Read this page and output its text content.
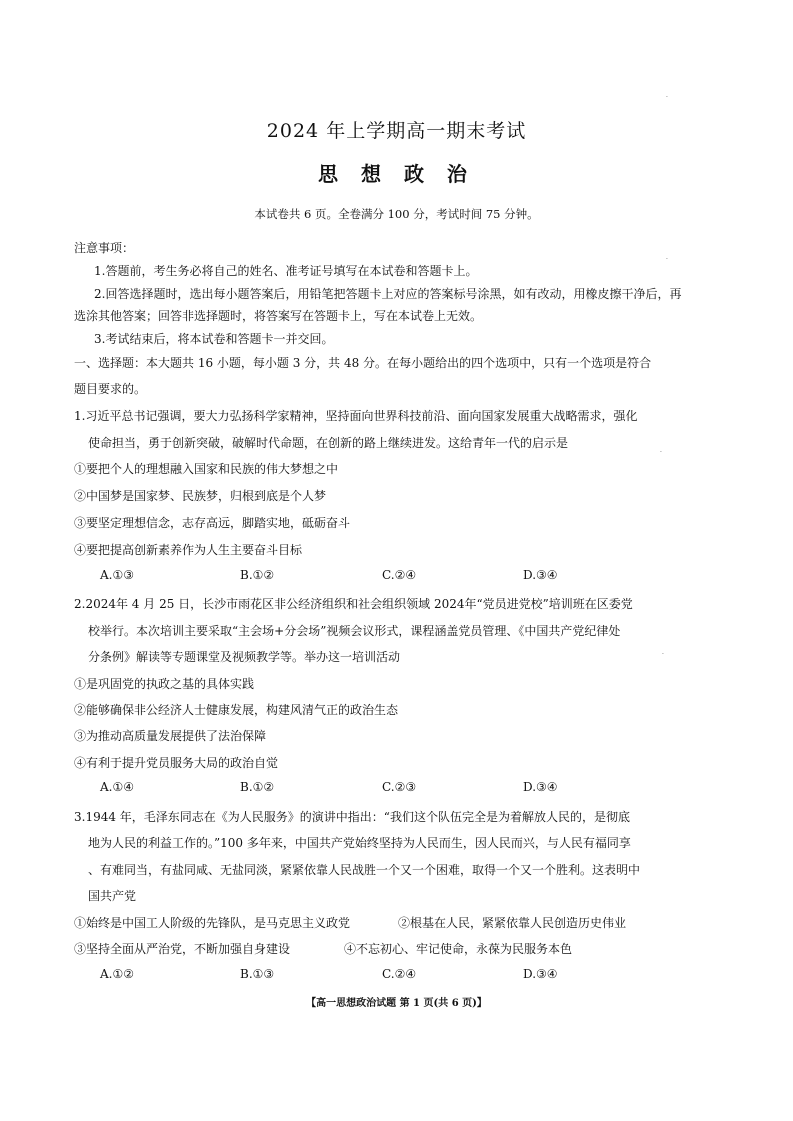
2024 年上学期高一期末考试
思 想 政 治
本试卷共 6 页。全卷满分 100 分，考试时间 75 分钟。
注意事项：
1.答题前，考生务必将自己的姓名、准考证号填写在本试卷和答题卡上。
2.回答选择题时，选出每小题答案后，用铅笔把答题卡上对应的答案标号涂黑，如有改动，用橡皮擦干净后，再
选涂其他答案；回答非选择题时，将答案写在答题卡上，写在本试卷上无效。
3.考试结束后，将本试卷和答题卡一并交回。
一、选择题：本大题共 16 小题，每小题 3 分，共 48 分。在每小题给出的四个选项中，只有一个选项是符合
题目要求的。
1.习近平总书记强调，要大力弘扬科学家精神，坚持面向世界科技前沿、面向国家发展重大战略需求，强化
使命担当，勇于创新突破，破解时代命题，在创新的路上继续进发。这给青年一代的启示是
①要把个人的理想融入国家和民族的伟大梦想之中
②中国梦是国家梦、民族梦，归根到底是个人梦
③要坚定理想信念，志存高远，脚踏实地，砥砺奋斗
④要把提高创新素养作为人生主要奋斗目标
A.①③	B.①②	C.②④	D.③④
2.2024年 4 月 25 日，长沙市雨花区非公经济组织和社会组织领域 2024年“党员进党校”培训班在区委党
校举行。本次培训主要采取“主会场+分会场”视频会议形式，课程涵盖党员管理、《中国共产党纪律处
分条例》解读等专题课堂及视频教学等。举办这一培训活动
①是巩固党的执政之基的具体实践
②能够确保非公经济人士健康发展，构建风清气正的政治生态
③为推动高质量发展提供了法治保障
④有利于提升党员服务大局的政治自觉
A.①④	B.①②	C.②③	D.③④
3.1944 年，毛泽东同志在《为人民服务》的演讲中指出：“我们这个队伍完全是为着解放人民的，是彻底
地为人民的利益工作的。”100 多年来，中国共产党始终坚持为人民而生，因人民而兴，与人民有福同享
、有难同当，有盐同咸、无盐同淡，紧紧依靠人民战胜一个又一个困难，取得一个又一个胜利。这表明中
国共产党
①始终是中国工人阶级的先锋队，是马克思主义政党	②根基在人民，紧紧依靠人民创造历史伟业
③坚持全面从严治党，不断加强自身建设	④不忘初心、牢记使命，永葆为民服务本色
A.①②	B.①③	C.②④	D.③④
【高一思想政治试题 第 1 页(共 6 页)】
·
·
·
·
